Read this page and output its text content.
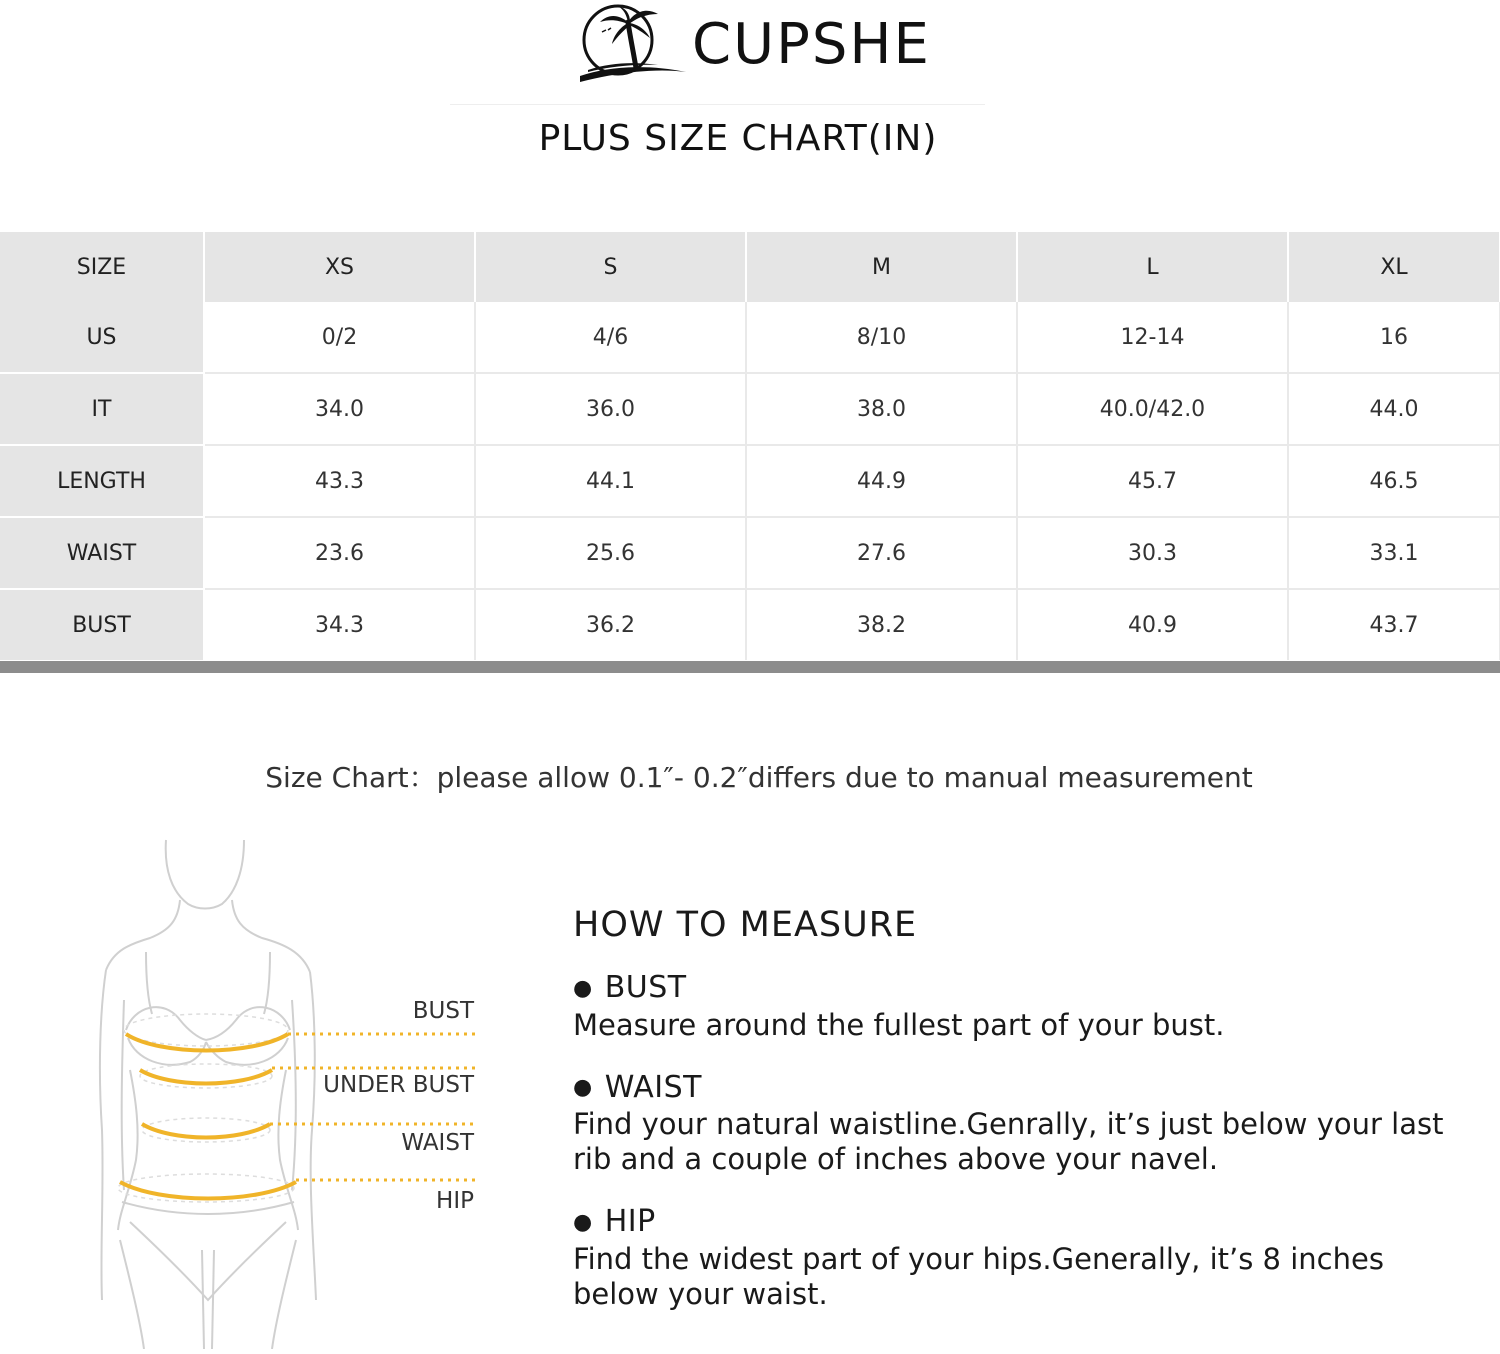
CUPSHE
PLUS SIZE CHART(IN)
SIZE	XS	S	M	L	XL
US	0/2	4/6	8/10	12-14	16
IT	34.0	36.0	38.0	40.0/42.0	44.0
LENGTH	43.3	44.1	44.9	45.7	46.5
WAIST	23.6	25.6	27.6	30.3	33.1
BUST	34.3	36.2	38.2	40.9	43.7
Size Chart：please allow 0.1″- 0.2″differs due to manual measurement
BUST
UNDER BUST
WAIST
HIP
HOW TO MEASURE
● BUST
Measure around the fullest part of your bust.
● WAIST
Find your natural waistline.Genrally, it’s just below your last rib and a couple of inches above your navel.
● HIP
Find the widest part of your hips.Generally, it’s 8 inches below your waist.
